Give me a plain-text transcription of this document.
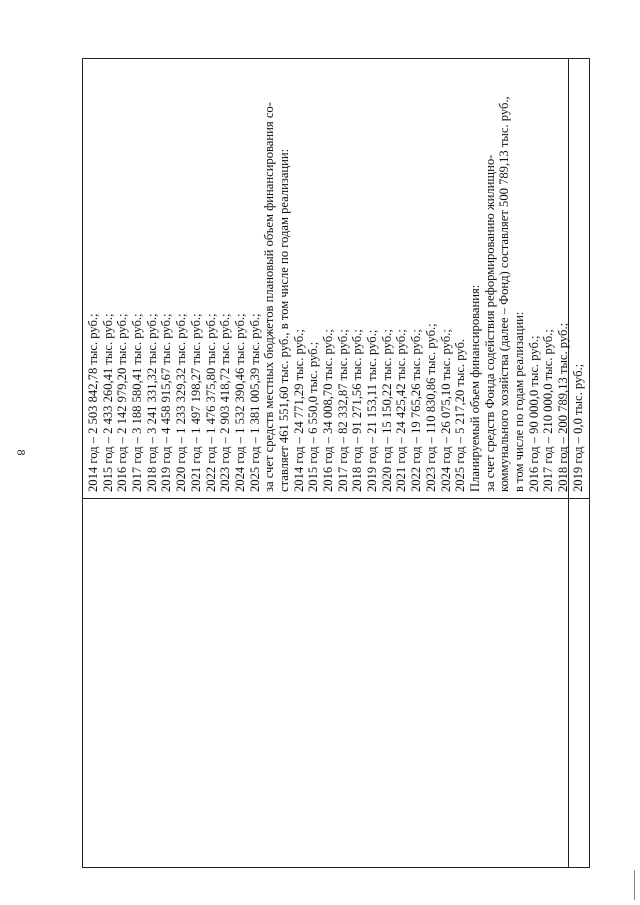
8	2014 год – 2 503 842,78 тыс. руб.; 2015 год – 2 433 260,41 тыс. руб.; 2016 год – 2 142 979,20 тыс. руб.; 2017 год – 3 188 580,41 тыс. руб.; 2018 год – 3 241 331,32 тыс. руб.; 2019 год – 4 458 915,67 тыс. руб.; 2020 год – 1 233 329,32 тыс. руб.; 2021 год – 1 497 198,27 тыс. руб.; 2022 год – 1 476 375,80 тыс. руб.; 2023 год – 2 903 418,72 тыс. руб.; 2024 год – 1 532 390,46 тыс. руб.; 2025 год – 1 381 005,39 тыс. руб.; за счет средств местных бюджетов плановый объем финансирования со- ставляет 461 551,60 тыс. руб., в том числе по годам реализации: 2014 год – 24 771,29 тыс. руб.; 2015 год – 6 550,0 тыс. руб.; 2016 год – 34 008,70 тыс. руб.; 2017 год – 82 332,87 тыс. руб.; 2018 год – 91 271,56 тыс. руб.; 2019 год – 21 153,11 тыс. руб.; 2020 год – 15 150,22 тыс. руб.; 2021 год – 24 425,42 тыс. руб.; 2022 год – 19 765,26 тыс. руб.; 2023 год – 110 830,86 тыс. руб.; 2024 год – 26 075,10 тыс. руб.; 2025 год – 5 217,20 тыс. руб. Планируемый объем финансирования: за счет средств Фонда содействия реформированию жилищно- коммунального хозяйства (далее – Фонд) составляет 500 789,13 тыс. руб., в том числе по годам реализации: 2016 год – 90 000,0 тыс. руб.; 2017 год – 210 000,0 тыс. руб.; 2018 год – 200 789,13 тыс. руб.; 2019 год – 0,0 тыс. руб.;
